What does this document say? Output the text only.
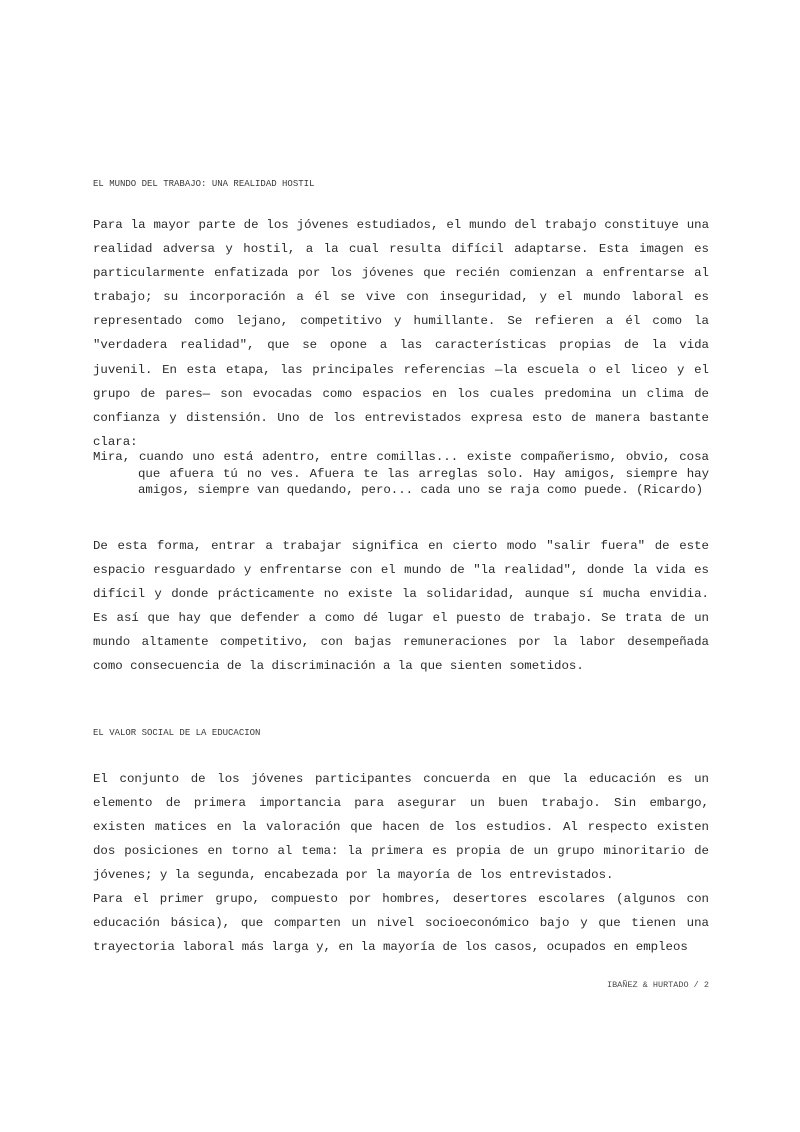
EL MUNDO DEL TRABAJO: UNA REALIDAD HOSTIL

Para la mayor parte de los jóvenes estudiados, el mundo del trabajo constituye una realidad adversa y hostil, a la cual resulta difícil adaptarse. Esta imagen es particularmente enfatizada por los jóvenes que recién comienzan a enfrentarse al trabajo; su incorporación a él se vive con inseguridad, y el mundo laboral es representado como lejano, competitivo y humillante. Se refieren a él como la "verdadera realidad", que se opone a las características propias de la vida juvenil. En esta etapa, las principales referencias —la escuela o el liceo y el grupo de pares— son evocadas como espacios en los cuales predomina un clima de confianza y distensión. Uno de los entrevistados expresa esto de manera bastante clara:

Mira, cuando uno está adentro, entre comillas... existe compañerismo, obvio, cosa que afuera tú no ves. Afuera te las arreglas solo. Hay amigos, siempre hay amigos, siempre van quedando, pero... cada uno se raja como puede. (Ricardo)

De esta forma, entrar a trabajar significa en cierto modo "salir fuera" de este espacio resguardado y enfrentarse con el mundo de "la realidad", donde la vida es difícil y donde prácticamente no existe la solidaridad, aunque sí mucha envidia. Es así que hay que defender a como dé lugar el puesto de trabajo. Se trata de un mundo altamente competitivo, con bajas remuneraciones por la labor desempeñada como consecuencia de la discriminación a la que sienten sometidos.

EL VALOR SOCIAL DE LA EDUCACION

El conjunto de los jóvenes participantes concuerda en que la educación es un elemento de primera importancia para asegurar un buen trabajo. Sin embargo, existen matices en la valoración que hacen de los estudios. Al respecto existen dos posiciones en torno al tema: la primera es propia de un grupo minoritario de jóvenes; y la segunda, encabezada por la mayoría de los entrevistados.

Para el primer grupo, compuesto por hombres, desertores escolares (algunos con educación básica), que comparten un nivel socioeconómico bajo y que tienen una trayectoria laboral más larga y, en la mayoría de los casos, ocupados en empleos

IBAÑEZ & HURTADO / 2
